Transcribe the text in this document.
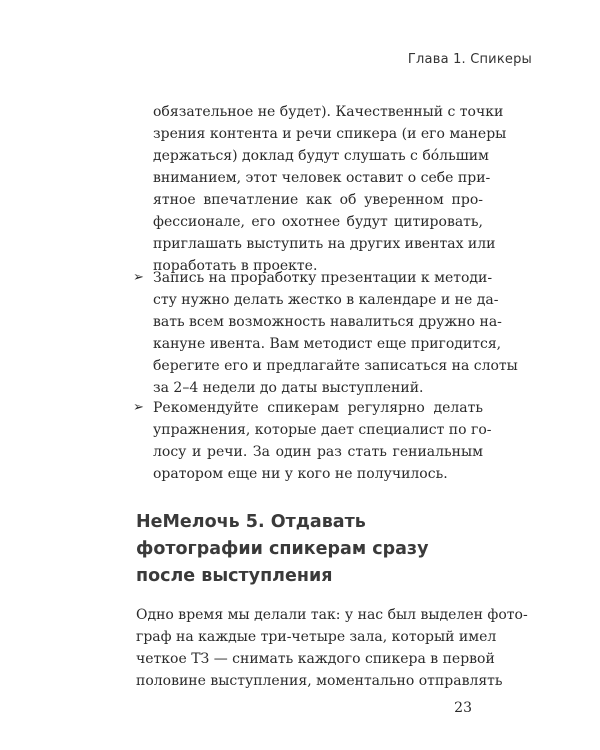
Глава 1. Спикеры
обязательное не будет). Качественный с точки
зрения контента и речи спикера (и его манеры
держаться) доклад будут слушать с бóльшим
вниманием, этот человек оставит о себе при-
ятное впечатление как об уверенном про-
фессионале, его охотнее будут цитировать,
приглашать выступить на других ивентах или
поработать в проекте.
➢ Запись на проработку презентации к методи-
сту нужно делать жестко в календаре и не да-
вать всем возможность навалиться дружно на-
кануне ивента. Вам методист еще пригодится,
берегите его и предлагайте записаться на слоты
за 2–4 недели до даты выступлений.
➢ Рекомендуйте спикерам регулярно делать
упражнения, которые дает специалист по го-
лосу и речи. За один раз стать гениальным
оратором еще ни у кого не получилось.
НеМелочь 5. Отдавать
фотографии спикерам сразу
после выступления
Одно время мы делали так: у нас был выделен фото-
граф на каждые три-четыре зала, который имел
четкое ТЗ — снимать каждого спикера в первой
половине выступления, моментально отправлять
23
